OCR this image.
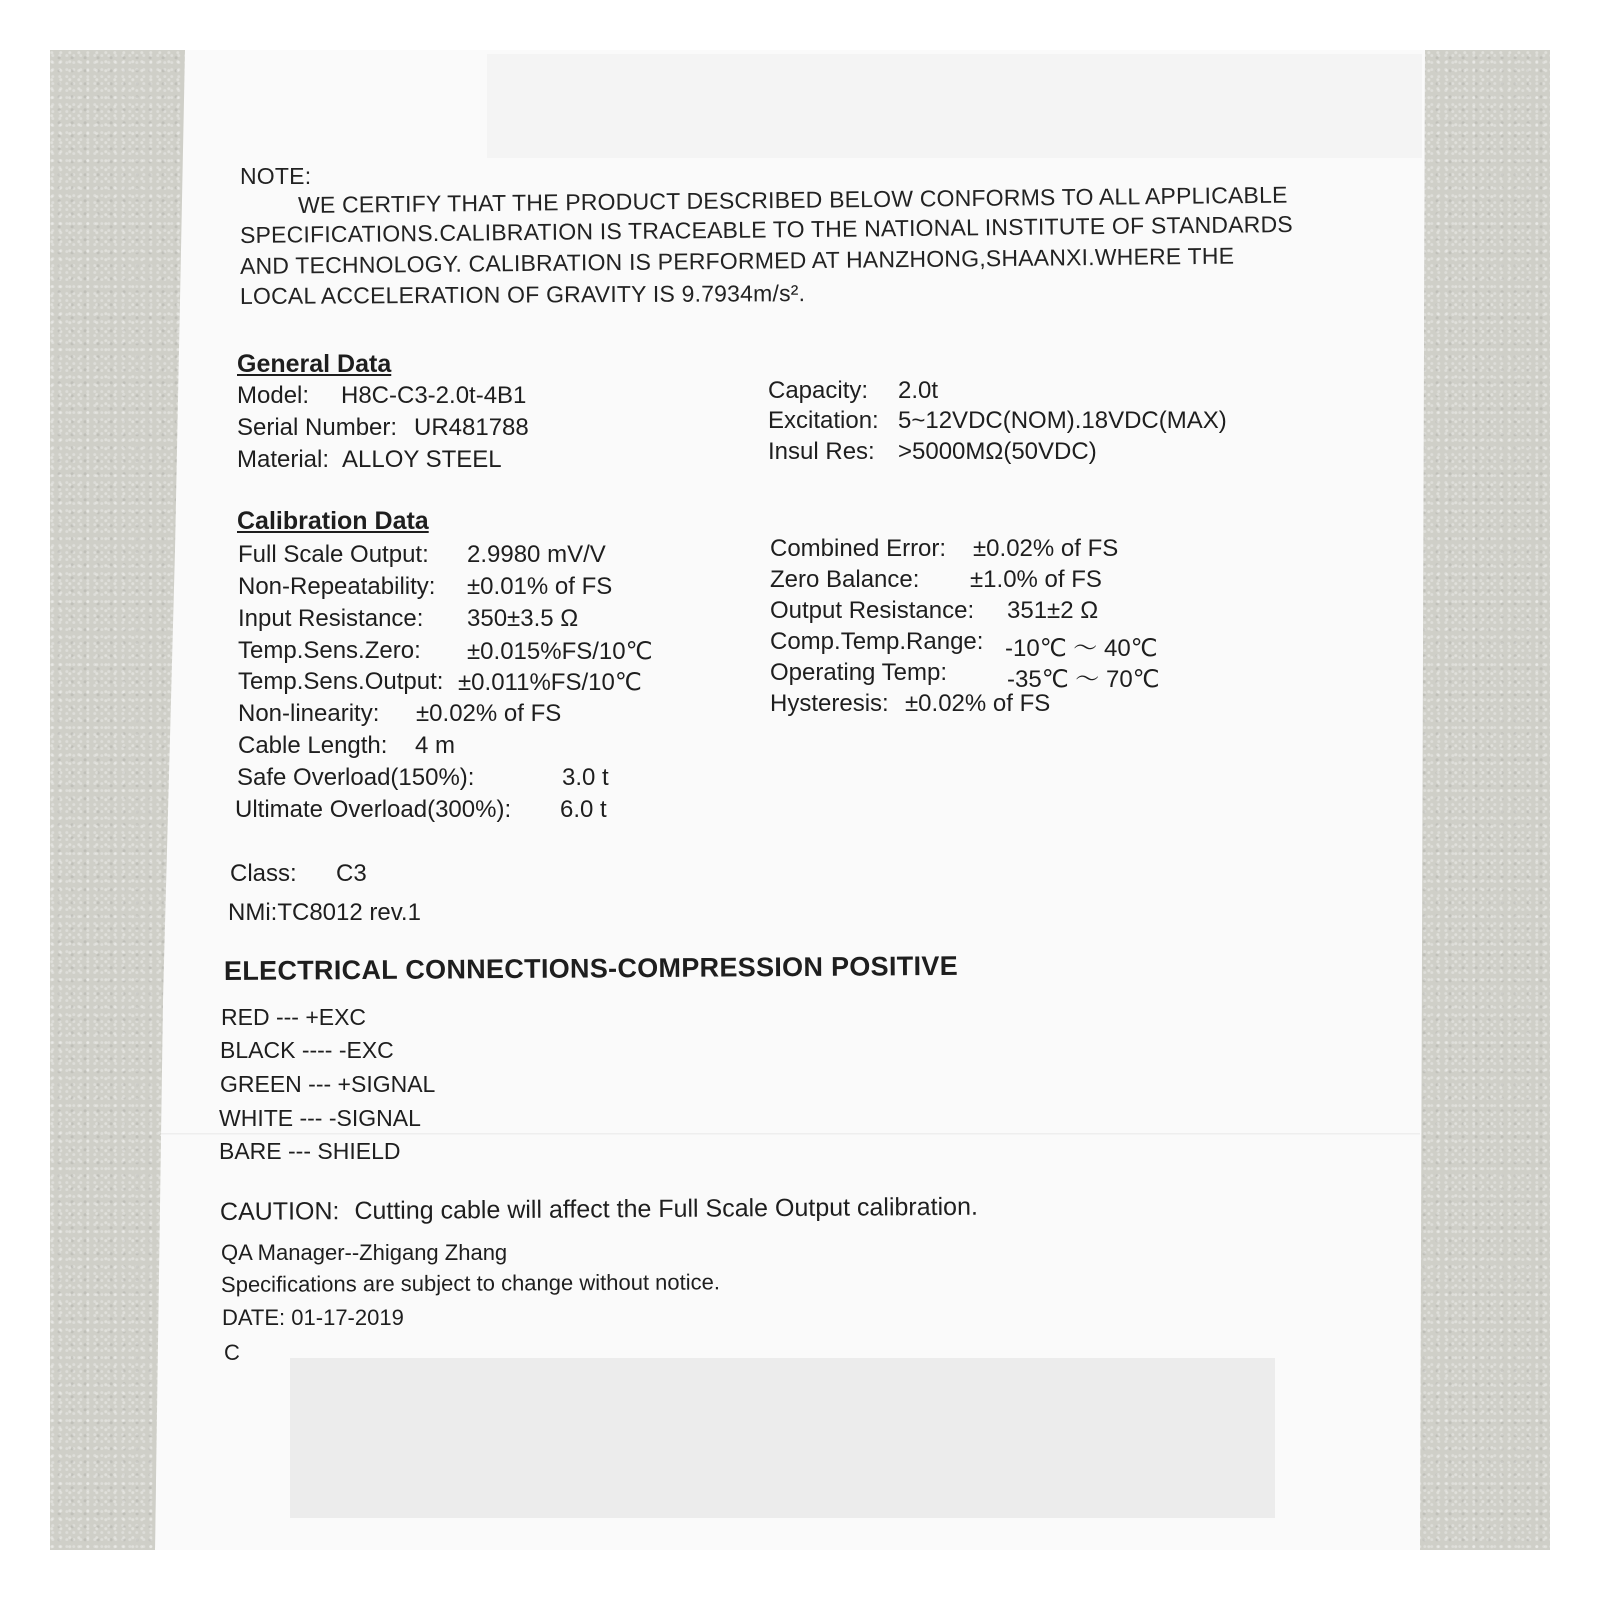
NOTE:
WE CERTIFY THAT THE PRODUCT DESCRIBED BELOW CONFORMS TO ALL APPLICABLE
SPECIFICATIONS.CALIBRATION IS TRACEABLE TO THE NATIONAL INSTITUTE OF STANDARDS
AND TECHNOLOGY. CALIBRATION IS PERFORMED AT HANZHONG,SHAANXI.WHERE THE
LOCAL ACCELERATION OF GRAVITY IS 9.7934m/s².
General Data
Model: H8C-C3-2.0t-4B1
Serial Number: UR481788
Material: ALLOY STEEL
Capacity: 2.0t
Excitation: 5~12VDC(NOM).18VDC(MAX)
Insul Res: >5000MΩ(50VDC)
Calibration Data
Full Scale Output: 2.9980 mV/V
Non-Repeatability: ±0.01% of FS
Input Resistance: 350±3.5 Ω
Temp.Sens.Zero: ±0.015%FS/10℃
Temp.Sens.Output: ±0.011%FS/10℃
Non-linearity: ±0.02% of FS
Cable Length: 4 m
Safe Overload(150%):	3.0 t
Ultimate Overload(300%): 6.0 t
Combined Error: ±0.02% of FS
Zero Balance: ±1.0% of FS
Output Resistance: 351±2 Ω
Comp.Temp.Range: -10℃ 〜 40℃
Operating Temp:	-35℃ 〜 70℃
Hysteresis: ±0.02% of FS
Class: C3
NMi:TC8012 rev.1
ELECTRICAL CONNECTIONS-COMPRESSION POSITIVE
RED --- +EXC
BLACK ---- -EXC
GREEN --- +SIGNAL
WHITE --- -SIGNAL
BARE --- SHIELD
CAUTION: Cutting cable will affect the Full Scale Output calibration.
QA Manager--Zhigang Zhang
Specifications are subject to change without notice.
DATE: 01-17-2019
C
